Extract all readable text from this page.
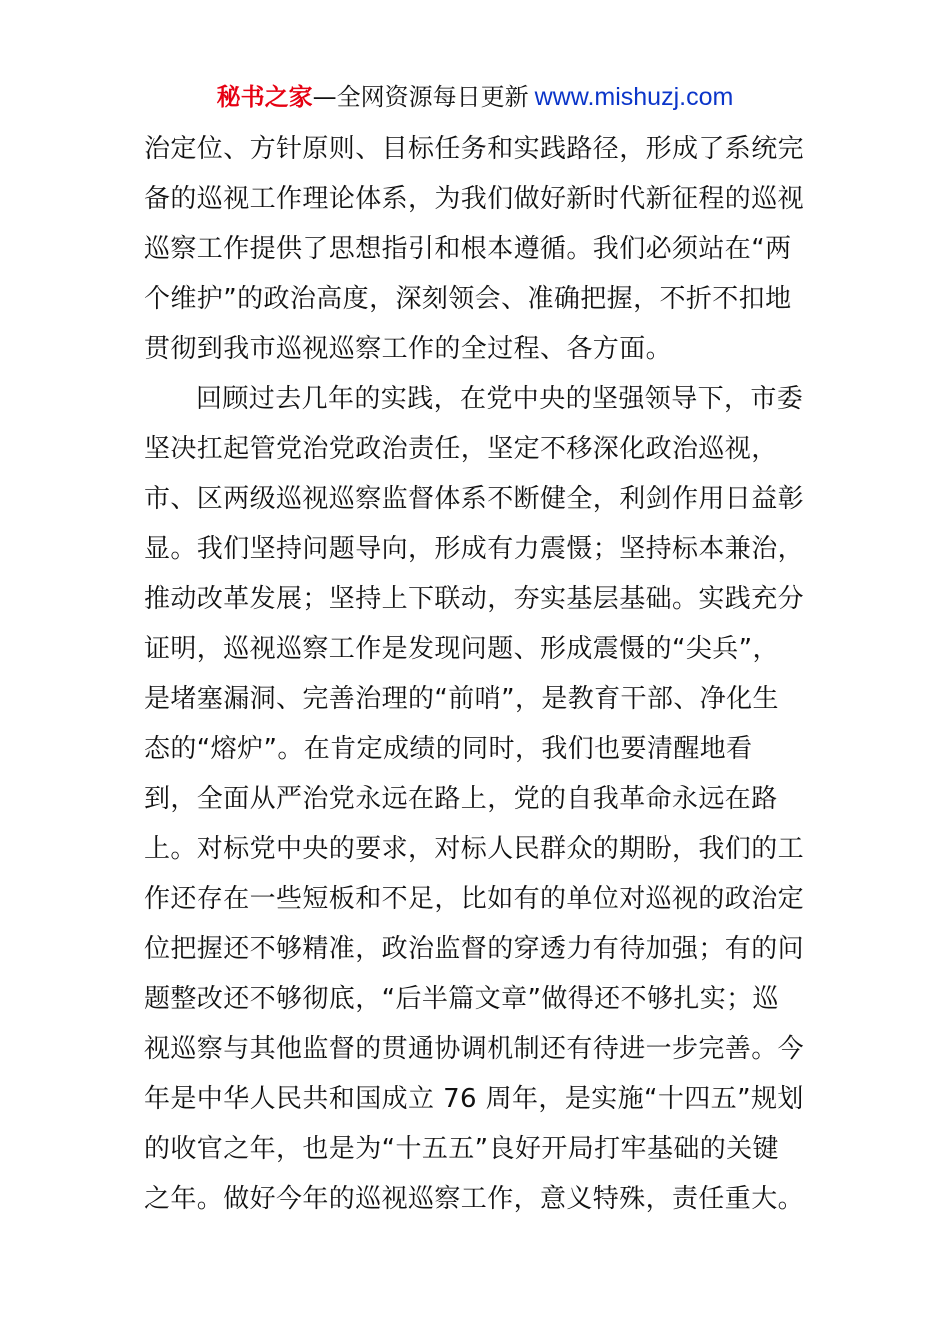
秘书之家—全网资源每日更新 www.mishuzj.com
治定位、方针原则、目标任务和实践路径，形成了系统完
备的巡视工作理论体系，为我们做好新时代新征程的巡视
巡察工作提供了思想指引和根本遵循。我们必须站在“两
个维护”的政治高度，深刻领会、准确把握，不折不扣地
贯彻到我市巡视巡察工作的全过程、各方面。
回顾过去几年的实践，在党中央的坚强领导下，市委
坚决扛起管党治党政治责任，坚定不移深化政治巡视，
市、区两级巡视巡察监督体系不断健全，利剑作用日益彰
显。我们坚持问题导向，形成有力震慑；坚持标本兼治，
推动改革发展；坚持上下联动，夯实基层基础。实践充分
证明，巡视巡察工作是发现问题、形成震慑的“尖兵”，
是堵塞漏洞、完善治理的“前哨”，是教育干部、净化生
态的“熔炉”。在肯定成绩的同时，我们也要清醒地看
到，全面从严治党永远在路上，党的自我革命永远在路
上。对标党中央的要求，对标人民群众的期盼，我们的工
作还存在一些短板和不足，比如有的单位对巡视的政治定
位把握还不够精准，政治监督的穿透力有待加强；有的问
题整改还不够彻底，“后半篇文章”做得还不够扎实；巡
视巡察与其他监督的贯通协调机制还有待进一步完善。今
年是中华人民共和国成立 76 周年，是实施“十四五”规划
的收官之年，也是为“十五五”良好开局打牢基础的关键
之年。做好今年的巡视巡察工作，意义特殊，责任重大。
